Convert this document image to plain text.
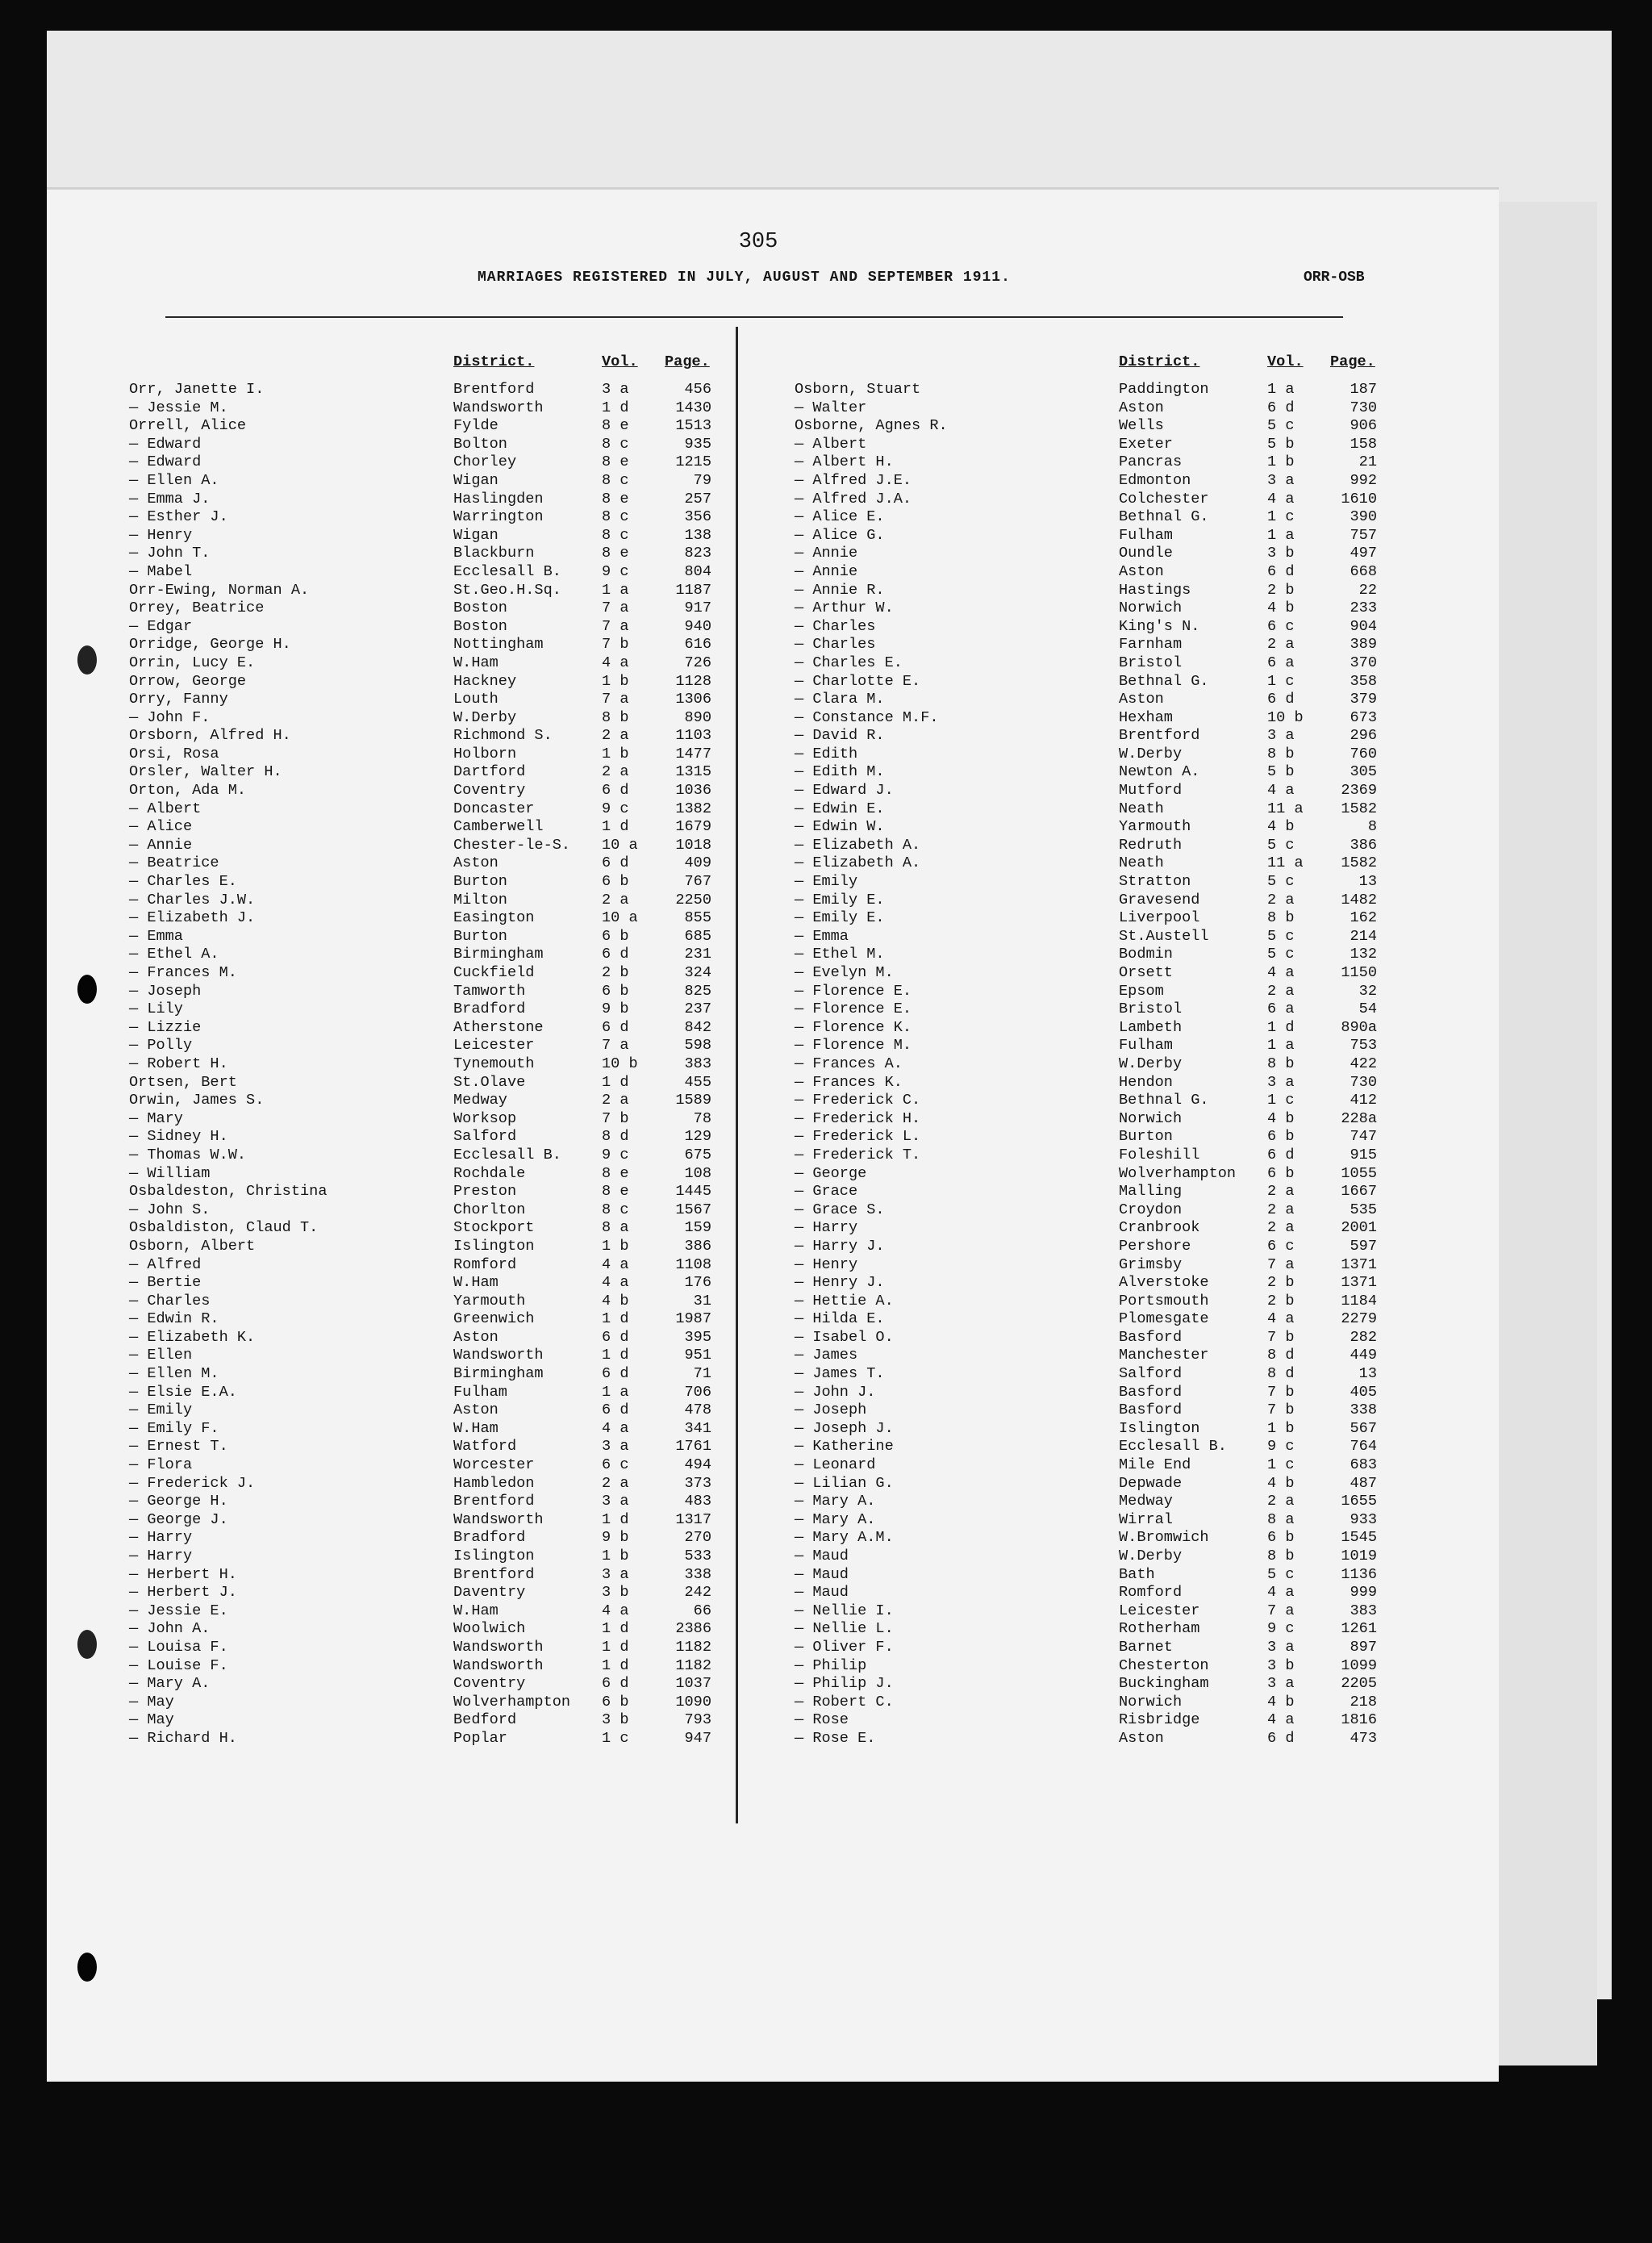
305
MARRIAGES REGISTERED IN JULY, AUGUST AND SEPTEMBER 1911.	ORR-OSB
District.	Vol. Page.
Orr, Janette I.	Brentford	3 a	456
— Jessie M.	Wandsworth	1 d	1430
Orrell, Alice	Fylde	8 e	1513
— Edward	Bolton	8 c	935
— Edward	Chorley	8 e	1215
— Ellen A.	Wigan	8 c	79
— Emma J.	Haslingden	8 e	257
— Esther J.	Warrington	8 c	356
— Henry	Wigan	8 c	138
— John T.	Blackburn	8 e	823
— Mabel	Ecclesall B.	9 c	804
Orr-Ewing, Norman A.	St.Geo.H.Sq.	1 a	1187
Orrey, Beatrice	Boston	7 a	917
— Edgar	Boston	7 a	940
Orridge, George H.	Nottingham	7 b	616
Orrin, Lucy E.	W.Ham	4 a	726
Orrow, George	Hackney	1 b	1128
Orry, Fanny	Louth	7 a	1306
— John F.	W.Derby	8 b	890
Orsborn, Alfred H.	Richmond S.	2 a	1103
Orsi, Rosa	Holborn	1 b	1477
Orsler, Walter H.	Dartford	2 a	1315
Orton, Ada M.	Coventry	6 d	1036
— Albert	Doncaster	9 c	1382
— Alice	Camberwell	1 d	1679
— Annie	Chester-le-S. 10 a	1018
— Beatrice	Aston	6 d	409
— Charles E.	Burton	6 b	767
— Charles J.W.	Milton	2 a	2250
— Elizabeth J.	Easington	10 a	855
— Emma	Burton	6 b	685
— Ethel A.	Birmingham	6 d	231
— Frances M.	Cuckfield	2 b	324
— Joseph	Tamworth	6 b	825
— Lily	Bradford	9 b	237
— Lizzie	Atherstone	6 d	842
— Polly	Leicester	7 a	598
— Robert H.	Tynemouth	10 b	383
Ortsen, Bert	St.Olave	1 d	455
Orwin, James S.	Medway	2 a	1589
— Mary	Worksop	7 b	78
— Sidney H.	Salford	8 d	129
— Thomas W.W.	Ecclesall B.	9 c	675
— William	Rochdale	8 e	108
Osbaldeston, Christina	Preston	8 e	1445
— John S.	Chorlton	8 c	1567
Osbaldiston, Claud T.	Stockport	8 a	159
Osborn, Albert	Islington	1 b	386
— Alfred	Romford	4 a	1108
— Bertie	W.Ham	4 a	176
— Charles	Yarmouth	4 b	31
— Edwin R.	Greenwich	1 d	1987
— Elizabeth K.	Aston	6 d	395
— Ellen	Wandsworth	1 d	951
— Ellen M.	Birmingham	6 d	71
— Elsie E.A.	Fulham	1 a	706
— Emily	Aston	6 d	478
— Emily F.	W.Ham	4 a	341
— Ernest T.	Watford	3 a	1761
— Flora	Worcester	6 c	494
— Frederick J.	Hambledon	2 a	373
— George H.	Brentford	3 a	483
— George J.	Wandsworth	1 d	1317
— Harry	Bradford	9 b	270
— Harry	Islington	1 b	533
— Herbert H.	Brentford	3 a	338
— Herbert J.	Daventry	3 b	242
— Jessie E.	W.Ham	4 a	66
— John A.	Woolwich	1 d	2386
— Louisa F.	Wandsworth	1 d	1182
— Louise F.	Wandsworth	1 d	1182
— Mary A.	Coventry	6 d	1037
— May	Wolverhampton 6 b	1090
— May	Bedford	3 b	793
— Richard H.	Poplar	1 c	947
District.	Vol. Page.
Osborn, Stuart	Paddington	1 a	187
— Walter	Aston	6 d	730
Osborne, Agnes R.	Wells	5 c	906
— Albert	Exeter	5 b	158
— Albert H.	Pancras	1 b	21
— Alfred J.E.	Edmonton	3 a	992
— Alfred J.A.	Colchester	4 a	1610
— Alice E.	Bethnal G.	1 c	390
— Alice G.	Fulham	1 a	757
— Annie	Oundle	3 b	497
— Annie	Aston	6 d	668
— Annie R.	Hastings	2 b	22
— Arthur W.	Norwich	4 b	233
— Charles	King's N.	6 c	904
— Charles	Farnham	2 a	389
— Charles E.	Bristol	6 a	370
— Charlotte E.	Bethnal G.	1 c	358
— Clara M.	Aston	6 d	379
— Constance M.F.	Hexham	10 b	673
— David R.	Brentford	3 a	296
— Edith	W.Derby	8 b	760
— Edith M.	Newton A.	5 b	305
— Edward J.	Mutford	4 a	2369
— Edwin E.	Neath	11 a	1582
— Edwin W.	Yarmouth	4 b	8
— Elizabeth A.	Redruth	5 c	386
— Elizabeth A.	Neath	11 a	1582
— Emily	Stratton	5 c	13
— Emily E.	Gravesend	2 a	1482
— Emily E.	Liverpool	8 b	162
— Emma	St.Austell	5 c	214
— Ethel M.	Bodmin	5 c	132
— Evelyn M.	Orsett	4 a	1150
— Florence E.	Epsom	2 a	32
— Florence E.	Bristol	6 a	54
— Florence K.	Lambeth	1 d	890a
— Florence M.	Fulham	1 a	753
— Frances A.	W.Derby	8 b	422
— Frances K.	Hendon	3 a	730
— Frederick C.	Bethnal G.	1 c	412
— Frederick H.	Norwich	4 b	228a
— Frederick L.	Burton	6 b	747
— Frederick T.	Foleshill	6 d	915
— George	Wolverhampton 6 b	1055
— Grace	Malling	2 a	1667
— Grace S.	Croydon	2 a	535
— Harry	Cranbrook	2 a	2001
— Harry J.	Pershore	6 c	597
— Henry	Grimsby	7 a	1371
— Henry J.	Alverstoke	2 b	1371
— Hettie A.	Portsmouth	2 b	1184
— Hilda E.	Plomesgate	4 a	2279
— Isabel O.	Basford	7 b	282
— James	Manchester	8 d	449
— James T.	Salford	8 d	13
— John J.	Basford	7 b	405
— Joseph	Basford	7 b	338
— Joseph J.	Islington	1 b	567
— Katherine	Ecclesall B.	9 c	764
— Leonard	Mile End	1 c	683
— Lilian G.	Depwade	4 b	487
— Mary A.	Medway	2 a	1655
— Mary A.	Wirral	8 a	933
— Mary A.M.	W.Bromwich	6 b	1545
— Maud	W.Derby	8 b	1019
— Maud	Bath	5 c	1136
— Maud	Romford	4 a	999
— Nellie I.	Leicester	7 a	383
— Nellie L.	Rotherham	9 c	1261
— Oliver F.	Barnet	3 a	897
— Philip	Chesterton	3 b	1099
— Philip J.	Buckingham	3 a	2205
— Robert C.	Norwich	4 b	218
— Rose	Risbridge	4 a	1816
— Rose E.	Aston	6 d	473
